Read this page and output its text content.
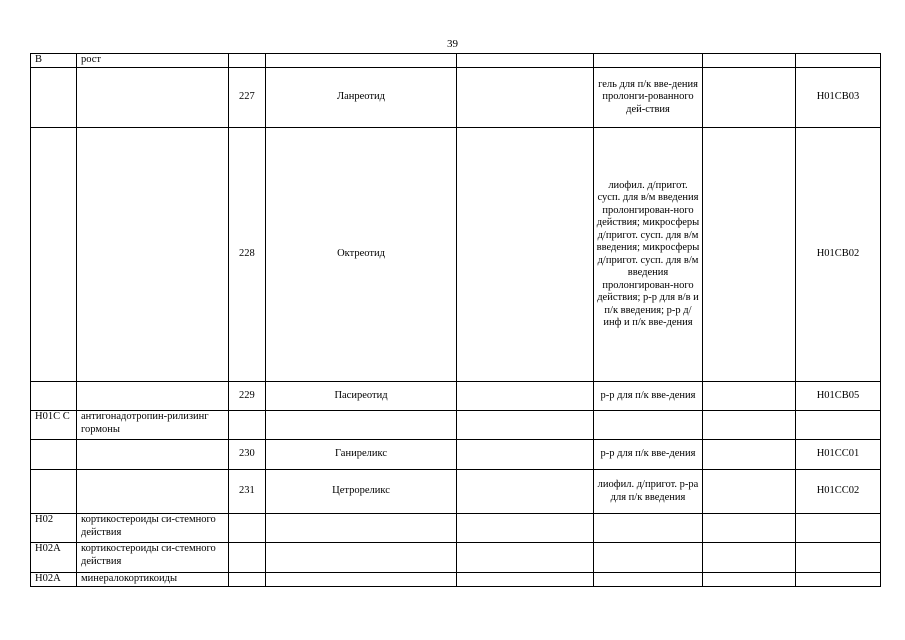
39
В	рост						
		227	Ланреотид		гель для п/к вве-дения пролонги-рованного дей-ствия		H01CB03
		228	Октреотид		лиофил. д/пригот. сусп. для в/м введения пролонгирован-ного действия; микросферы д/пригот. сусп. для в/м введения; микросферы д/пригот. сусп. для в/м введения пролонгирован-ного действия; р-р для в/в и п/к введения; р-р д/инф и п/к вве-дения		H01CB02
		229	Пасиреотид		р-р для п/к вве-дения		H01CB05
H01C C	антигонадотропин-рилизинг гормоны						
		230	Ганиреликс		р-р для п/к вве-дения		H01CC01
		231	Цетрореликс		лиофил. д/пригот. р-ра для п/к введения		H01CC02
H02	кортикостероиды си-стемного действия						
H02A	кортикостероиды си-стемного действия						
H02A	минералокортикоиды						
